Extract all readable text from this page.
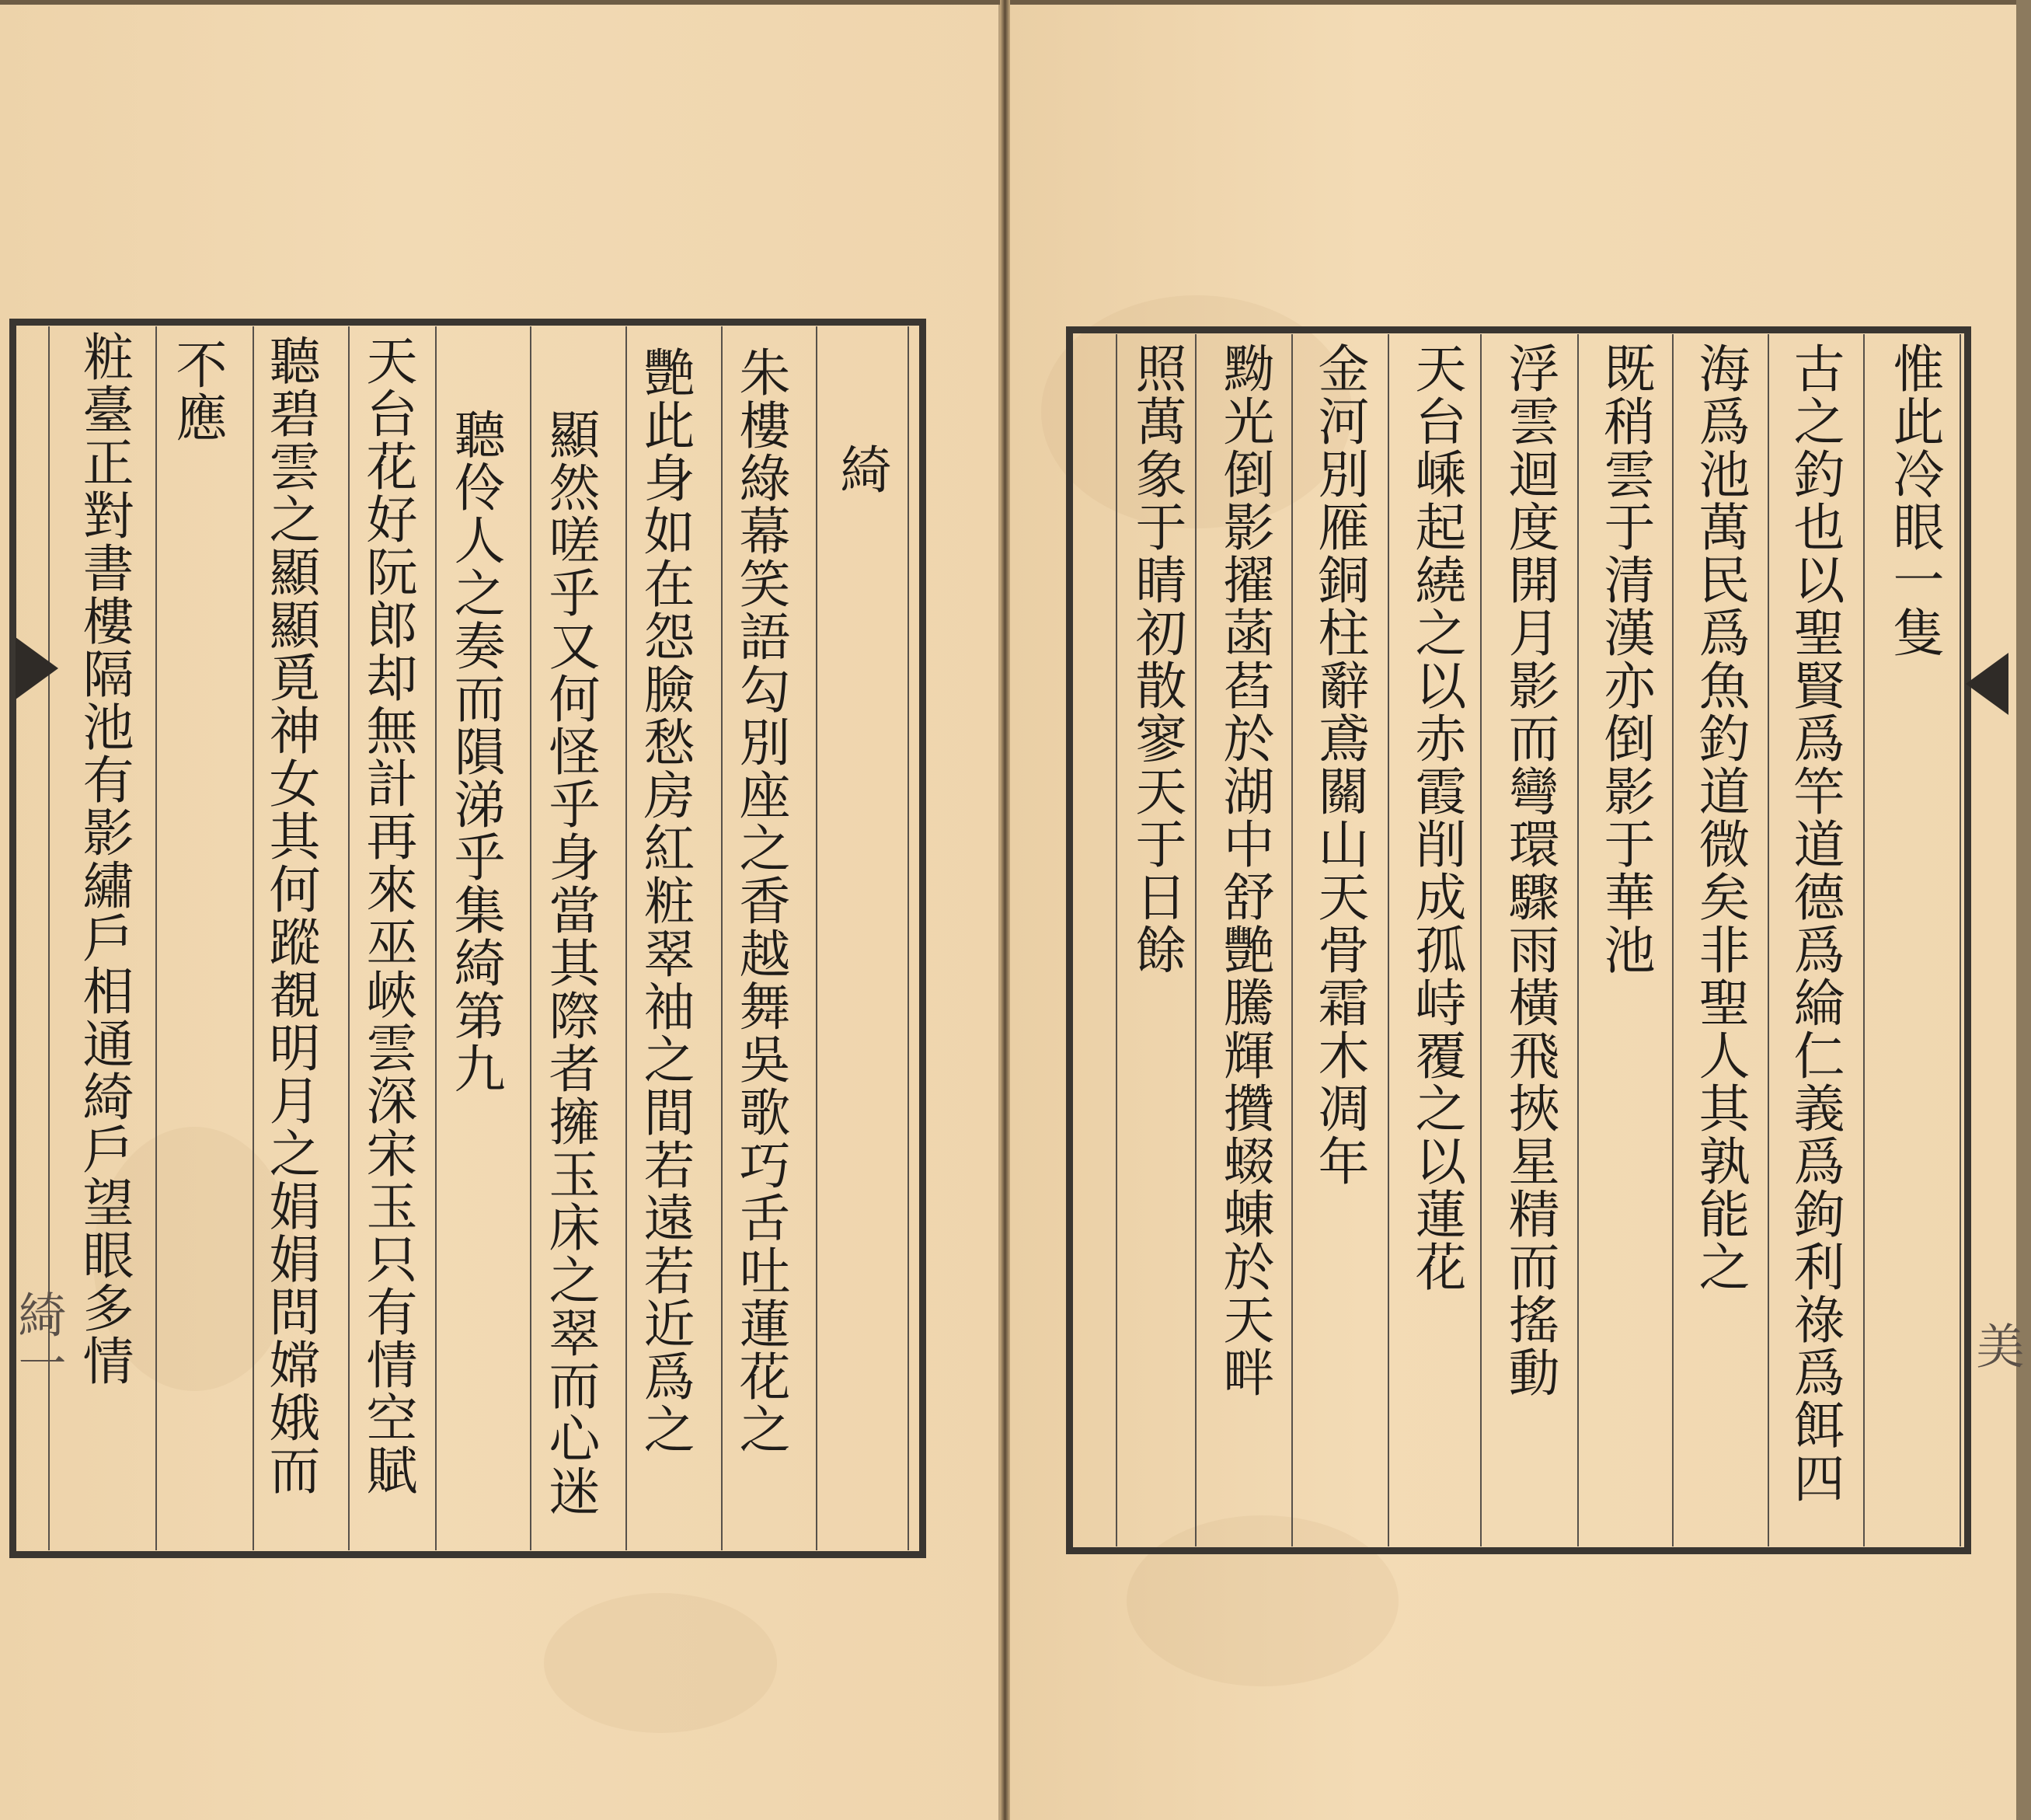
粧臺正對書樓隔池有影繡戶相通綺戶望眼多情 不應 聽碧雲之顯顯覓神女其何蹤覩明月之娟娟問嫦娥而 天台花好阮郎却無計再來巫峽雲深宋玉只有情空賦 聽伶人之奏而隕涕乎集綺第九 顯然嗟乎又何怪乎身當其際者擁玉床之翠而心迷 艷此身如在怨臉愁房紅粧翠袖之間若遠若近爲之 朱樓綠幕笑語勾別座之香越舞吳歌巧舌吐蓮花之 綺
綺一
照萬象于睛初散寥天于日餘 黝光倒影擢菡萏於湖中舒艷騰輝攢蝃蝀於天畔 金河別雁銅柱辭鳶關山天骨霜木凋年 天台嵊起繞之以赤霞削成孤峙覆之以蓮花 浮雲迴度開月影而彎環驟雨橫飛挾星精而搖動 既稍雲于清漢亦倒影于華池 海爲池萬民爲魚釣道微矣非聖人其孰能之 古之釣也以聖賢爲竿道德爲綸仁義爲鉤利祿爲餌四 惟此冷眼一隻
美
